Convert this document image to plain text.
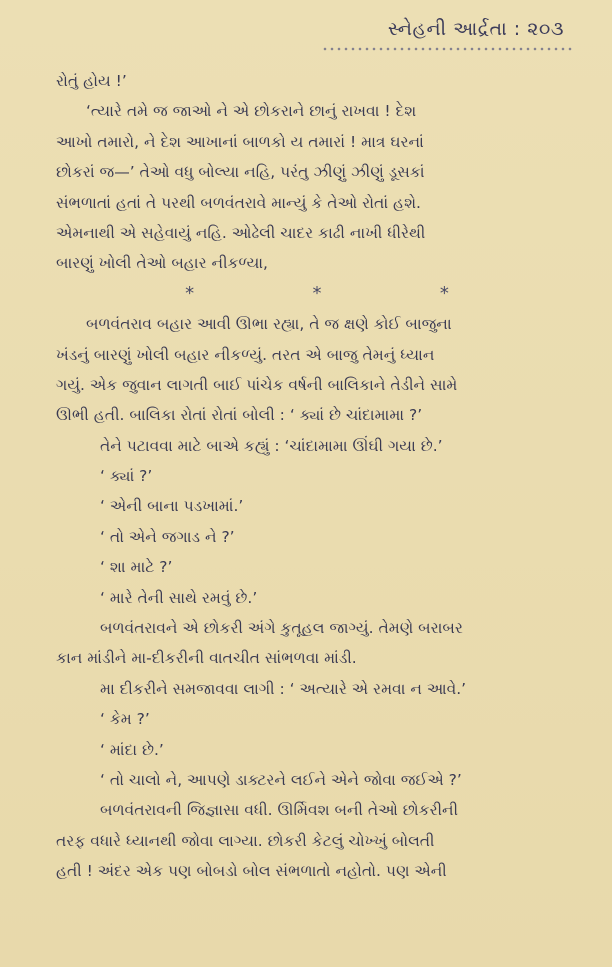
સ્નેહની આર્દ્રતા : ૨૦૩
રોતું હોય !’
‘ત્યારે તમે જ જાઓ ને એ છોકરાને છાનું રાખવા ! દેશ
આખો તમારો, ને દેશ આખાનાં બાળકો ય તમારાં ! માત્ર ઘરનાં
છોકરાં જ—’ તેઓ વધુ બોલ્યા નહિ, પરંતુ ઝીણું ઝીણું ડૂસકાં
સંભળાતાં હતાં તે પરથી બળવંતરાવે માન્યું કે તેઓ રોતાં હશે.
એમનાથી એ સહેવાયું નહિ. ઓઢેલી ચાદર કાઢી નાખી ધીરેથી
બારણું ખોલી તેઓ બહાર નીકળ્યા,
*	*	*
બળવંતરાવ બહાર આવી ઊભા રહ્યા, તે જ ક્ષણે કોઈ બાજુના
ખંડનું બારણું ખોલી બહાર નીકળ્યું. તરત એ બાજુ તેમનું ધ્યાન
ગયું. એક જુવાન લાગતી બાઈ પાંચેક વર્ષની બાલિકાને તેડીને સામે
ઊભી હતી. બાલિકા રોતાં રોતાં બોલી : ‘ ક્યાં છે ચાંદામામા ?’
તેને પટાવવા માટે બાએ કહ્યું : ‘ચાંદામામા ઊંઘી ગયા છે.’
‘ ક્યાં ?’
‘ એની બાના પડખામાં.’
‘ તો એને જગાડ ને ?’
‘ શા માટે ?’
‘ મારે તેની સાથે રમવું છે.’
બળવંતરાવને એ છોકરી અંગે કુતૂહલ જાગ્યું. તેમણે બરાબર
કાન માંડીને મા-દીકરીની વાતચીત સાંભળવા માંડી.
મા દીકરીને સમજાવવા લાગી : ‘ અત્યારે એ રમવા ન આવે.’
‘ કેમ ?’
‘ માંદા છે.’
‘ તો ચાલો ને, આપણે ડાક્ટરને લઈને એને જોવા જઈએ ?’
બળવંતરાવની જિજ્ઞાસા વધી. ઊર્મિવશ બની તેઓ છોકરીની
તરફ વધારે ધ્યાનથી જોવા લાગ્યા. છોકરી કેટલું ચોખ્ખું બોલતી
હતી ! અંદર એક પણ બોબડો બોલ સંભળાતો નહોતો. પણ એની
